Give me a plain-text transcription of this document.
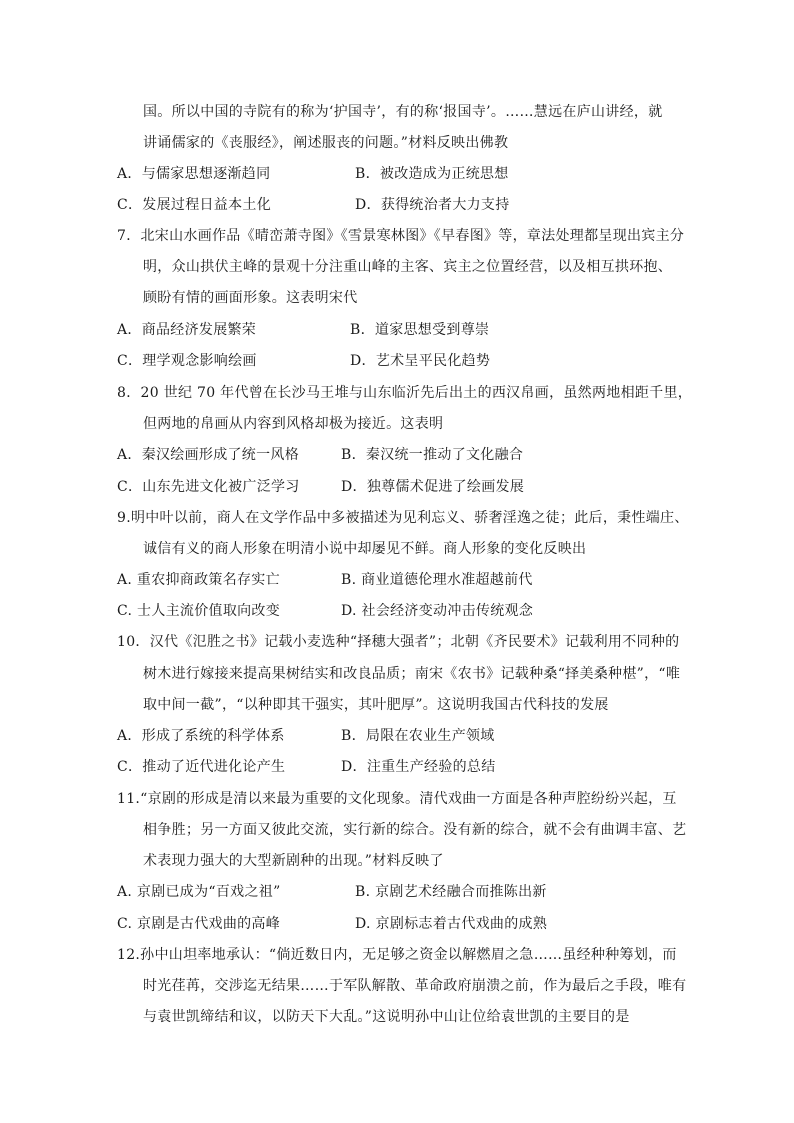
国。所以中国的寺院有的称为‘护国寺’，有的称‘报国寺’。……慧远在庐山讲经，就
讲诵儒家的《丧服经》，阐述服丧的问题。”材料反映出佛教
A．与儒家思想逐渐趋同	B．被改造成为正统思想
C．发展过程日益本土化	D．获得统治者大力支持
7．北宋山水画作品《晴峦萧寺图》《雪景寒林图》《早春图》等，章法处理都呈现出宾主分
明，众山拱伏主峰的景观十分注重山峰的主客、宾主之位置经营，以及相互拱环抱、
顾盼有情的画面形象。这表明宋代
A．商品经济发展繁荣	B．道家思想受到尊崇
C．理学观念影响绘画	D．艺术呈平民化趋势
8．20 世纪 70 年代曾在长沙马王堆与山东临沂先后出土的西汉帛画，虽然两地相距千里，
但两地的帛画从内容到风格却极为接近。这表明
A．秦汉绘画形成了统一风格	B．秦汉统一推动了文化融合
C．山东先进文化被广泛学习	D．独尊儒术促进了绘画发展
9.明中叶以前，商人在文学作品中多被描述为见利忘义、骄奢淫逸之徒；此后，秉性端庄、
诚信有义的商人形象在明清小说中却屡见不鲜。商人形象的变化反映出
A. 重农抑商政策名存实亡	B. 商业道德伦理水准超越前代
C. 士人主流价值取向改变	D. 社会经济变动冲击传统观念
10．汉代《氾胜之书》记载小麦选种“择穗大强者”；北朝《齐民要术》记载利用不同种的
树木进行嫁接来提高果树结实和改良品质；南宋《农书》记载种桑“择美桑种椹”，“唯
取中间一截”，“以种即其干强实，其叶肥厚”。这说明我国古代科技的发展
A．形成了系统的科学体系	B．局限在农业生产领域
C．推动了近代进化论产生	D．注重生产经验的总结
11.“京剧的形成是清以来最为重要的文化现象。清代戏曲一方面是各种声腔纷纷兴起，互
相争胜；另一方面又彼此交流，实行新的综合。没有新的综合，就不会有曲调丰富、艺
术表现力强大的大型新剧种的出现。”材料反映了
A. 京剧已成为“百戏之祖”	B. 京剧艺术经融合而推陈出新
C. 京剧是古代戏曲的高峰	D. 京剧标志着古代戏曲的成熟
12.孙中山坦率地承认：“倘近数日内，无足够之资金以解燃眉之急……虽经种种筹划，而
时光荏苒，交涉迄无结果……于军队解散、革命政府崩溃之前，作为最后之手段，唯有
与袁世凯缔结和议，以防天下大乱。”这说明孙中山让位给袁世凯的主要目的是
